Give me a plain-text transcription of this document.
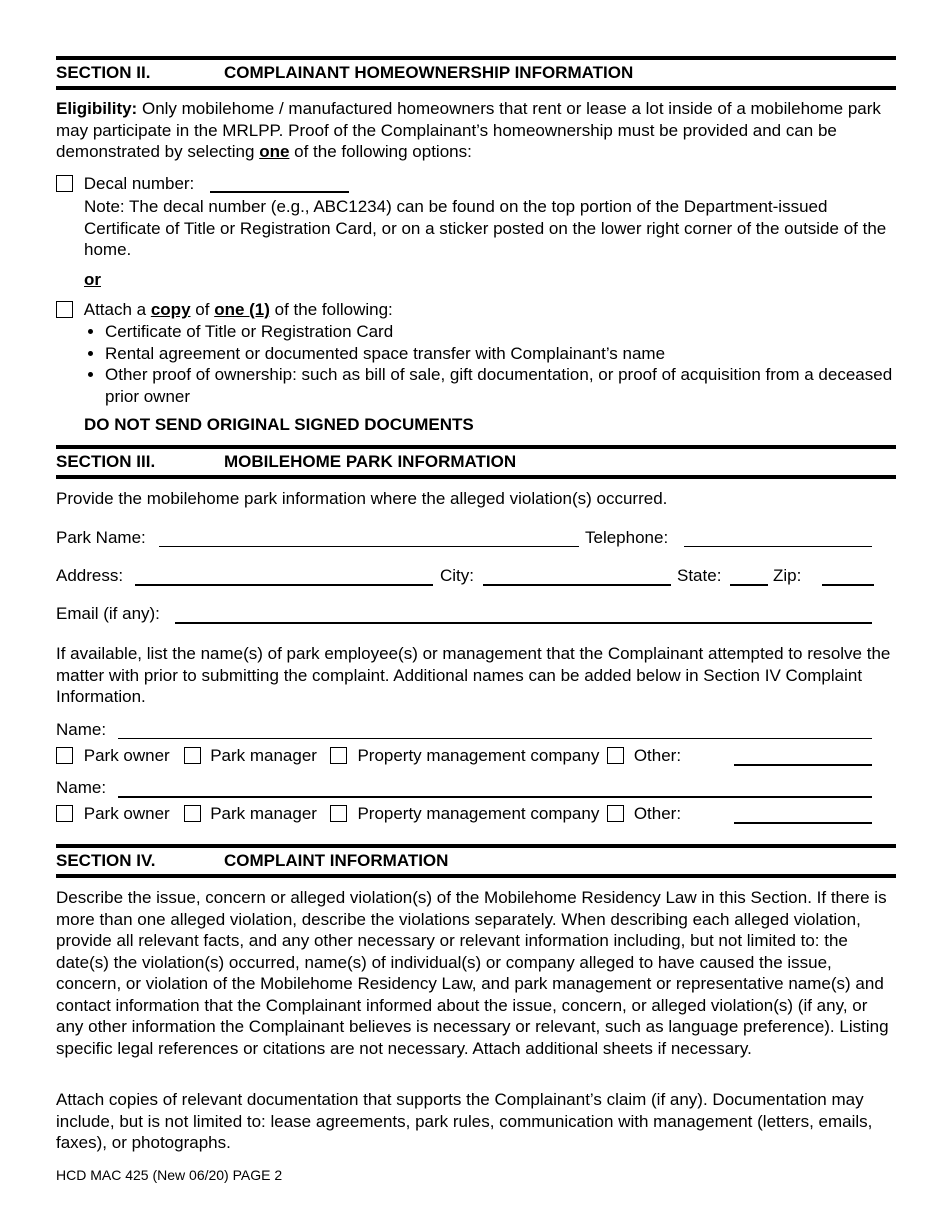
SECTION II.	COMPLAINANT HOMEOWNERSHIP INFORMATION
Eligibility: Only mobilehome / manufactured homeowners that rent or lease a lot inside of a mobilehome park may participate in the MRLPP. Proof of the Complainant’s homeownership must be provided and can be demonstrated by selecting one of the following options:
Decal number:
Note: The decal number (e.g., ABC1234) can be found on the top portion of the Department-issued Certificate of Title or Registration Card, or on a sticker posted on the lower right corner of the outside of the home.
or
Attach a copy of one (1) of the following:
• Certificate of Title or Registration Card
• Rental agreement or documented space transfer with Complainant’s name
• Other proof of ownership: such as bill of sale, gift documentation, or proof of acquisition from a deceased prior owner
DO NOT SEND ORIGINAL SIGNED DOCUMENTS
SECTION III.	MOBILEHOME PARK INFORMATION
Provide the mobilehome park information where the alleged violation(s) occurred.
Park Name:	Telephone:
Address:	City:	State:	Zip:
Email (if any):
If available, list the name(s) of park employee(s) or management that the Complainant attempted to resolve the matter with prior to submitting the complaint. Additional names can be added below in Section IV Complaint Information.
Name:
Park owner Park manager Property management company Other:
Name:
Park owner Park manager Property management company Other:
SECTION IV.	COMPLAINT INFORMATION
Describe the issue, concern or alleged violation(s) of the Mobilehome Residency Law in this Section. If there is more than one alleged violation, describe the violations separately. When describing each alleged violation, provide all relevant facts, and any other necessary or relevant information including, but not limited to: the date(s) the violation(s) occurred, name(s) of individual(s) or company alleged to have caused the issue, concern, or violation of the Mobilehome Residency Law, and park management or representative name(s) and contact information that the Complainant informed about the issue, concern, or alleged violation(s) (if any, or any other information the Complainant believes is necessary or relevant, such as language preference). Listing specific legal references or citations are not necessary. Attach additional sheets if necessary.
Attach copies of relevant documentation that supports the Complainant’s claim (if any). Documentation may include, but is not limited to: lease agreements, park rules, communication with management (letters, emails, faxes), or photographs.
HCD MAC 425 (New 06/20) PAGE 2
